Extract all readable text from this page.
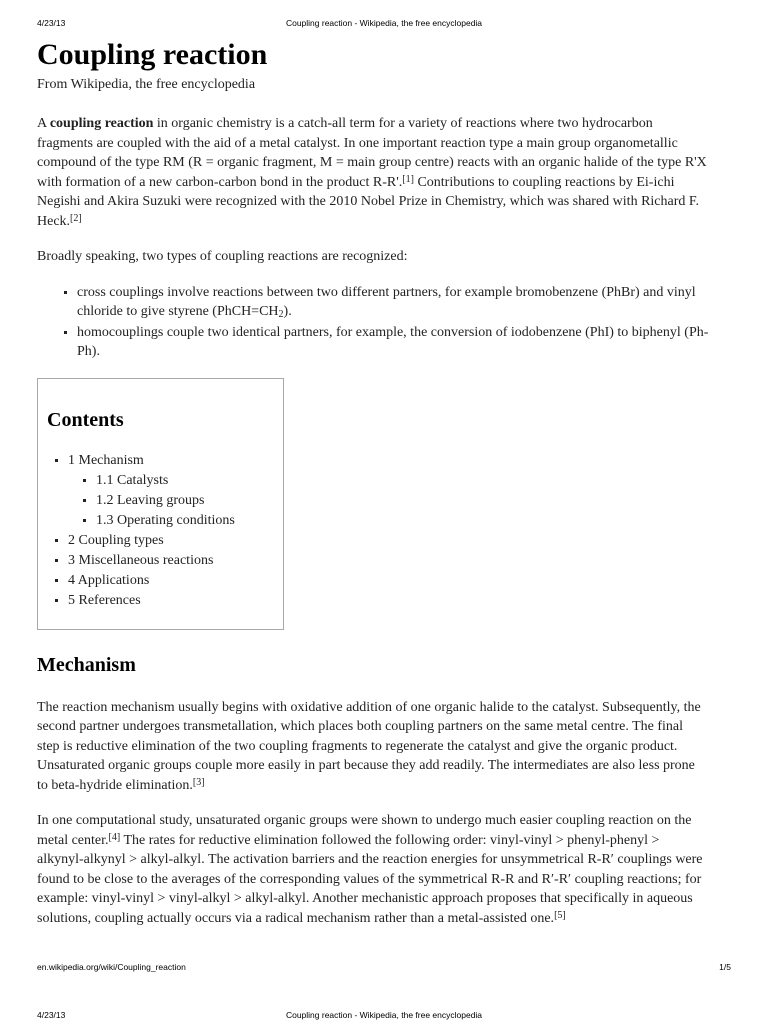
4/23/13	Coupling reaction - Wikipedia, the free encyclopedia
Coupling reaction
From Wikipedia, the free encyclopedia

A coupling reaction in organic chemistry is a catch-all term for a variety of reactions where two hydrocarbon fragments are coupled with the aid of a metal catalyst. In one important reaction type a main group organometallic compound of the type RM (R = organic fragment, M = main group centre) reacts with an organic halide of the type R'X with formation of a new carbon-carbon bond in the product R-R'.[1] Contributions to coupling reactions by Ei-ichi Negishi and Akira Suzuki were recognized with the 2010 Nobel Prize in Chemistry, which was shared with Richard F. Heck.[2]

Broadly speaking, two types of coupling reactions are recognized:

▪ cross couplings involve reactions between two different partners, for example bromobenzene (PhBr) and vinyl chloride to give styrene $(PhCH=CH_2)$.
▪ homocouplings couple two identical partners, for example, the conversion of iodobenzene (PhI) to biphenyl (Ph-Ph).
Contents
▪ 1 Mechanism
▪ 1.1 Catalysts
▪ 1.2 Leaving groups
▪ 1.3 Operating conditions
▪ 2 Coupling types
▪ 3 Miscellaneous reactions
▪ 4 Applications
▪ 5 References
Mechanism

The reaction mechanism usually begins with oxidative addition of one organic halide to the catalyst. Subsequently, the second partner undergoes transmetallation, which places both coupling partners on the same metal centre. The final step is reductive elimination of the two coupling fragments to regenerate the catalyst and give the organic product. Unsaturated organic groups couple more easily in part because they add readily. The intermediates are also less prone to beta-hydride elimination.[3]

In one computational study, unsaturated organic groups were shown to undergo much easier coupling reaction on the metal center.[4] The rates for reductive elimination followed the following order: vinyl-vinyl > phenyl-phenyl > alkynyl-alkynyl > alkyl-alkyl. The activation barriers and the reaction energies for unsymmetrical R-R′ couplings were found to be close to the averages of the corresponding values of the symmetrical R-R and R′-R′ coupling reactions; for example: vinyl-vinyl > vinyl-alkyl > alkyl-alkyl. Another mechanistic approach proposes that specifically in aqueous solutions, coupling actually occurs via a radical mechanism rather than a metal-assisted one.[5]

en.wikipedia.org/wiki/Coupling_reaction	1/5
4/23/13	Coupling reaction - Wikipedia, the free encyclopedia
